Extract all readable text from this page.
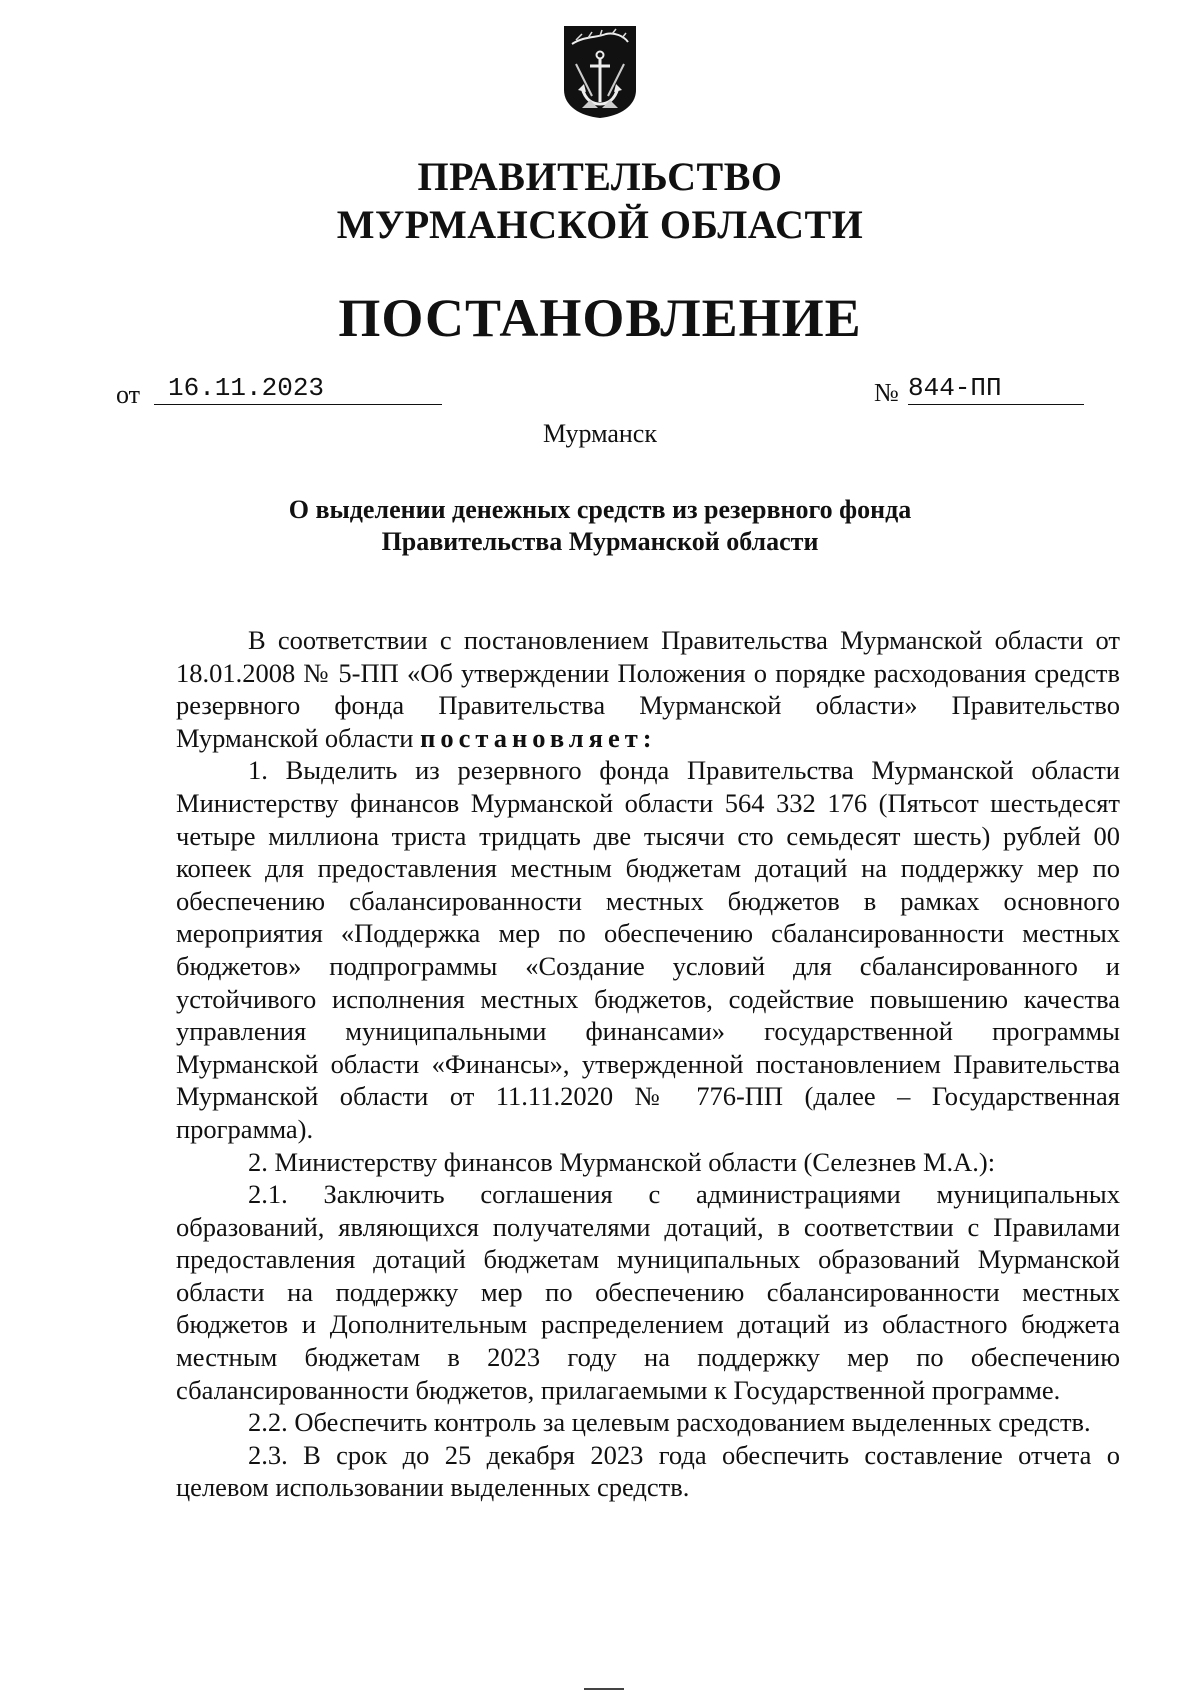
ПРАВИТЕЛЬСТВО
МУРМАНСКОЙ ОБЛАСТИ
ПОСТАНОВЛЕНИЕ
от	16.11.2023	№ 844-ПП
Мурманск
О выделении денежных средств из резервного фонда
Правительства Мурманской области

В соответствии с постановлением Правительства Мурманской области от 18.01.2008 № 5-ПП «Об утверждении Положения о порядке расходования средств резервного фонда Правительства Мурманской области» Правительство Мурманской области постановляет:

1. Выделить из резервного фонда Правительства Мурманской области Министерству финансов Мурманской области 564 332 176 (Пятьсот шестьдесят четыре миллиона триста тридцать две тысячи сто семьдесят шесть) рублей 00 копеек для предоставления местным бюджетам дотаций на поддержку мер по обеспечению сбалансированности местных бюджетов в рамках основного мероприятия «Поддержка мер по обеспечению сбалансированности местных бюджетов» подпрограммы «Создание условий для сбалансированного и устойчивого исполнения местных бюджетов, содействие повышению качества управления муниципальными финансами» государственной программы Мурманской области «Финансы», утвержденной постановлением Правительства Мурманской области от 11.11.2020 № 776-ПП (далее – Государственная программа).

2. Министерству финансов Мурманской области (Селезнев М.А.):

2.1. Заключить соглашения с администрациями муниципальных образований, являющихся получателями дотаций, в соответствии с Правилами предоставления дотаций бюджетам муниципальных образований Мурманской области на поддержку мер по обеспечению сбалансированности местных бюджетов и Дополнительным распределением дотаций из областного бюджета местным бюджетам в 2023 году на поддержку мер по обеспечению сбалансированности бюджетов, прилагаемыми к Государственной программе.

2.2. Обеспечить контроль за целевым расходованием выделенных средств.

2.3. В срок до 25 декабря 2023 года обеспечить составление отчета о целевом использовании выделенных средств.
